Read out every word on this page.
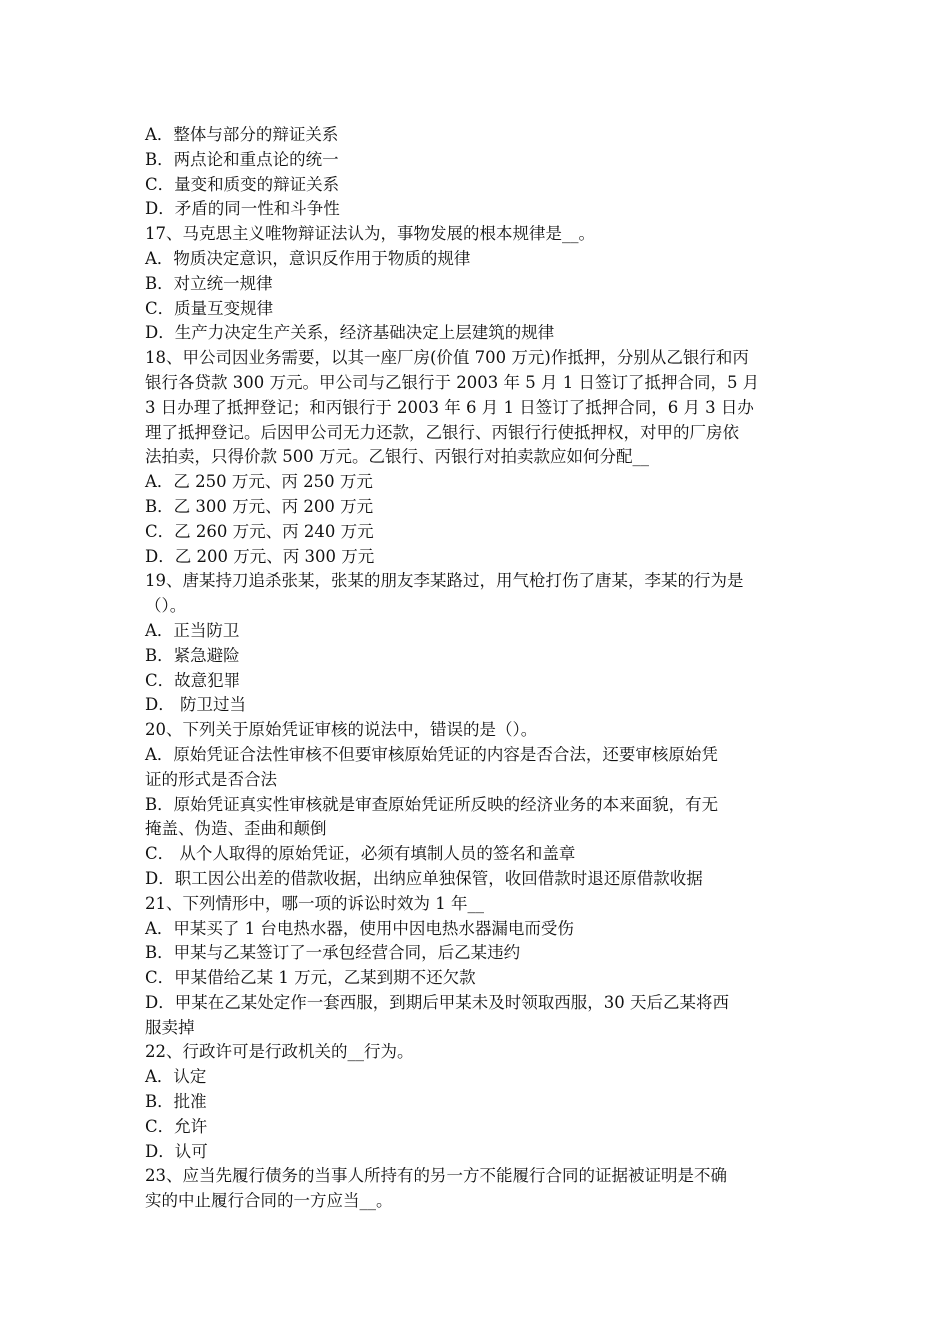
A．整体与部分的辩证关系
B．两点论和重点论的统一
C．量变和质变的辩证关系
D．矛盾的同一性和斗争性
17、马克思主义唯物辩证法认为，事物发展的根本规律是__。
A．物质决定意识，意识反作用于物质的规律
B．对立统一规律
C．质量互变规律
D．生产力决定生产关系，经济基础决定上层建筑的规律
18、甲公司因业务需要，以其一座厂房(价值 700 万元)作抵押，分别从乙银行和丙
银行各贷款 300 万元。甲公司与乙银行于 2003 年 5 月 1 日签订了抵押合同，5 月
3 日办理了抵押登记；和丙银行于 2003 年 6 月 1 日签订了抵押合同，6 月 3 日办
理了抵押登记。后因甲公司无力还款，乙银行、丙银行行使抵押权，对甲的厂房依
法拍卖，只得价款 500 万元。乙银行、丙银行对拍卖款应如何分配__
A．乙 250 万元、丙 250 万元
B．乙 300 万元、丙 200 万元
C．乙 260 万元、丙 240 万元
D．乙 200 万元、丙 300 万元
19、唐某持刀追杀张某，张某的朋友李某路过，用气枪打伤了唐某，李某的行为是
（）。
A．正当防卫
B．紧急避险
C．故意犯罪
D． 防卫过当
20、下列关于原始凭证审核的说法中，错误的是（）。
A．原始凭证合法性审核不但要审核原始凭证的内容是否合法，还要审核原始凭
证的形式是否合法
B．原始凭证真实性审核就是审查原始凭证所反映的经济业务的本来面貌，有无
掩盖、伪造、歪曲和颠倒
C． 从个人取得的原始凭证，必须有填制人员的签名和盖章
D．职工因公出差的借款收据，出纳应单独保管，收回借款时退还原借款收据
21、下列情形中，哪一项的诉讼时效为 1 年__
A．甲某买了 1 台电热水器，使用中因电热水器漏电而受伤
B．甲某与乙某签订了一承包经营合同，后乙某违约
C．甲某借给乙某 1 万元，乙某到期不还欠款
D．甲某在乙某处定作一套西服，到期后甲某未及时领取西服，30 天后乙某将西
服卖掉
22、行政许可是行政机关的__行为。
A．认定
B．批准
C．允许
D．认可
23、应当先履行债务的当事人所持有的另一方不能履行合同的证据被证明是不确
实的中止履行合同的一方应当__。
